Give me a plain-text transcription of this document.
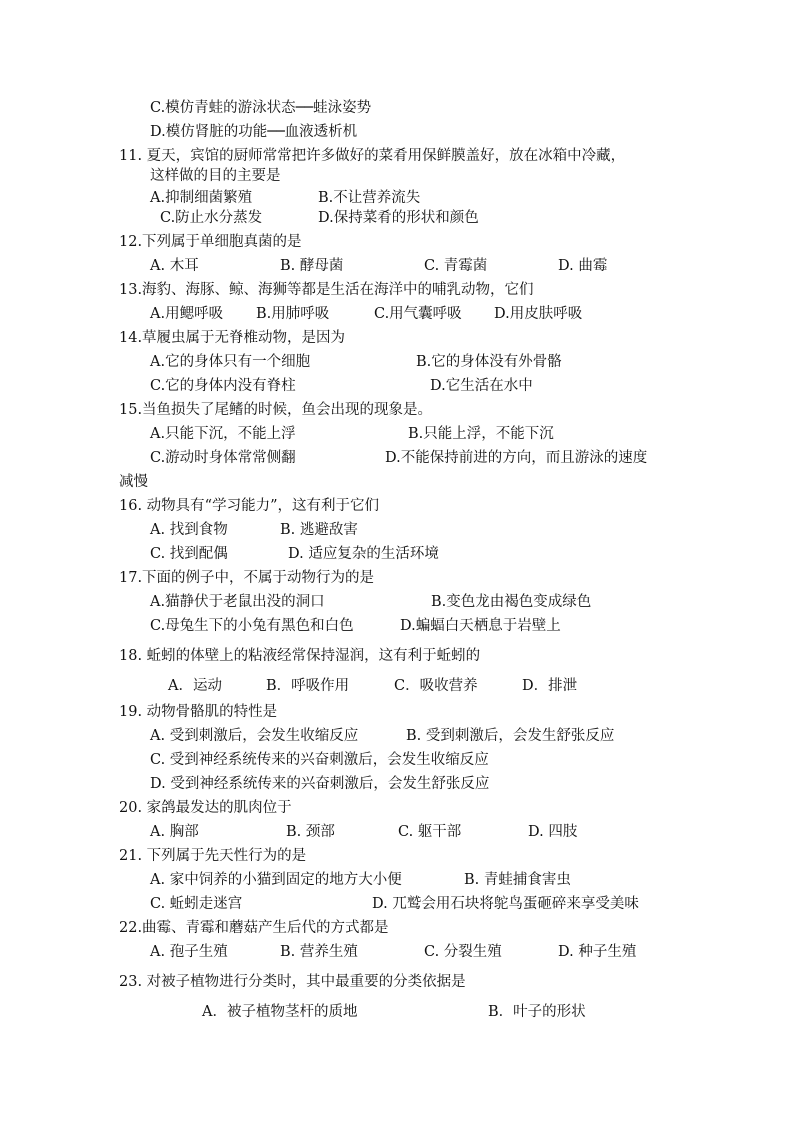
C.模仿青蛙的游泳状态──蛙泳姿势
D.模仿肾脏的功能──血液透析机
11. 夏天，宾馆的厨师常常把许多做好的菜肴用保鲜膜盖好，放在冰箱中冷藏，
这样做的目的主要是
A.抑制细菌繁殖	B.不让营养流失
C.防止水分蒸发	D.保持菜肴的形状和颜色
12.下列属于单细胞真菌的是
A. 木耳	B. 酵母菌	C. 青霉菌	D. 曲霉
13.海豹、海豚、鲸、海狮等都是生活在海洋中的哺乳动物，它们
A.用鳃呼吸 B.用肺呼吸	C.用气囊呼吸 D.用皮肤呼吸
14.草履虫属于无脊椎动物，是因为
A.它的身体只有一个细胞	B.它的身体没有外骨骼
C.它的身体内没有脊柱	D.它生活在水中
15.当鱼损失了尾鳍的时候，鱼会出现的现象是。
A.只能下沉，不能上浮	B.只能上浮，不能下沉
C.游动时身体常常侧翻	D.不能保持前进的方向，而且游泳的速度
减慢
16. 动物具有“学习能力”，这有利于它们
A. 找到食物	B. 逃避敌害
C. 找到配偶	D. 适应复杂的生活环境
17.下面的例子中，不属于动物行为的是
A.猫静伏于老鼠出没的洞口	B.变色龙由褐色变成绿色
C.母兔生下的小兔有黑色和白色	D.蝙蝠白天栖息于岩壁上
18. 蚯蚓的体壁上的粘液经常保持湿润，这有利于蚯蚓的
A．运动	B．呼吸作用	C．吸收营养	D．排泄
19. 动物骨骼肌的特性是
A. 受到刺激后，会发生收缩反应	B. 受到刺激后，会发生舒张反应
C. 受到神经系统传来的兴奋刺激后，会发生收缩反应
D. 受到神经系统传来的兴奋刺激后，会发生舒张反应
20. 家鸽最发达的肌肉位于
A. 胸部	B. 颈部	C. 躯干部	D. 四肢
21. 下列属于先天性行为的是
A. 家中饲养的小猫到固定的地方大小便	B. 青蛙捕食害虫
C. 蚯蚓走迷宫	D. 兀鹫会用石块将鸵鸟蛋砸碎来享受美味
22.曲霉、青霉和蘑菇产生后代的方式都是
A. 孢子生殖	B. 营养生殖	C. 分裂生殖	D. 种子生殖
23. 对被子植物进行分类时，其中最重要的分类依据是
A．被子植物茎杆的质地	B．叶子的形状
